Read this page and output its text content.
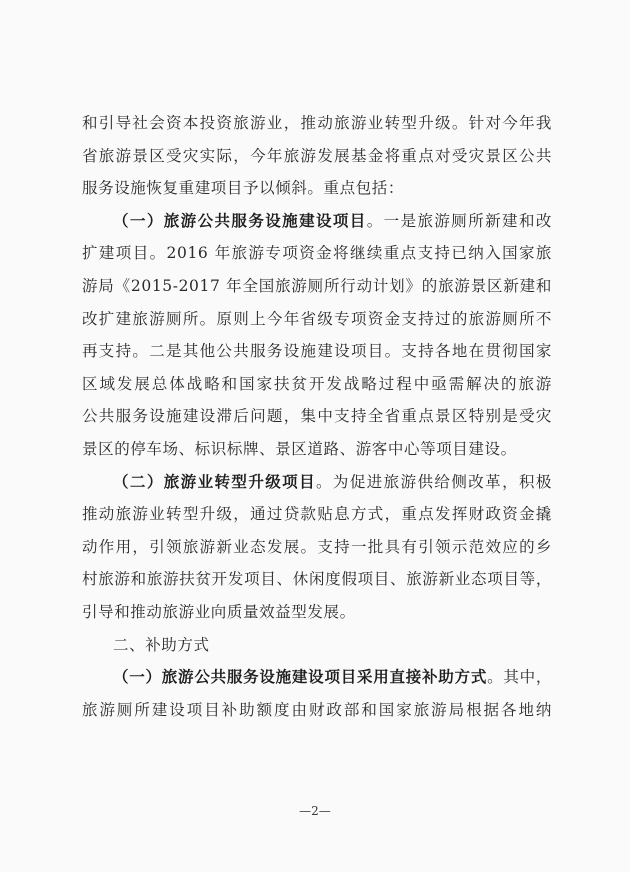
和引导社会资本投资旅游业，推动旅游业转型升级。针对今年我
省旅游景区受灾实际，今年旅游发展基金将重点对受灾景区公共
服务设施恢复重建项目予以倾斜。重点包括：
（一）旅游公共服务设施建设项目。一是旅游厕所新建和改
扩建项目。2016 年旅游专项资金将继续重点支持已纳入国家旅
游局《2015-2017 年全国旅游厕所行动计划》的旅游景区新建和
改扩建旅游厕所。原则上今年省级专项资金支持过的旅游厕所不
再支持。二是其他公共服务设施建设项目。支持各地在贯彻国家
区域发展总体战略和国家扶贫开发战略过程中亟需解决的旅游
公共服务设施建设滞后问题，集中支持全省重点景区特别是受灾
景区的停车场、标识标牌、景区道路、游客中心等项目建设。
（二）旅游业转型升级项目。为促进旅游供给侧改革，积极
推动旅游业转型升级，通过贷款贴息方式，重点发挥财政资金撬
动作用，引领旅游新业态发展。支持一批具有引领示范效应的乡
村旅游和旅游扶贫开发项目、休闲度假项目、旅游新业态项目等，
引导和推动旅游业向质量效益型发展。
二、补助方式
（一）旅游公共服务设施建设项目采用直接补助方式。其中，
旅游厕所建设项目补助额度由财政部和国家旅游局根据各地纳
—2—
